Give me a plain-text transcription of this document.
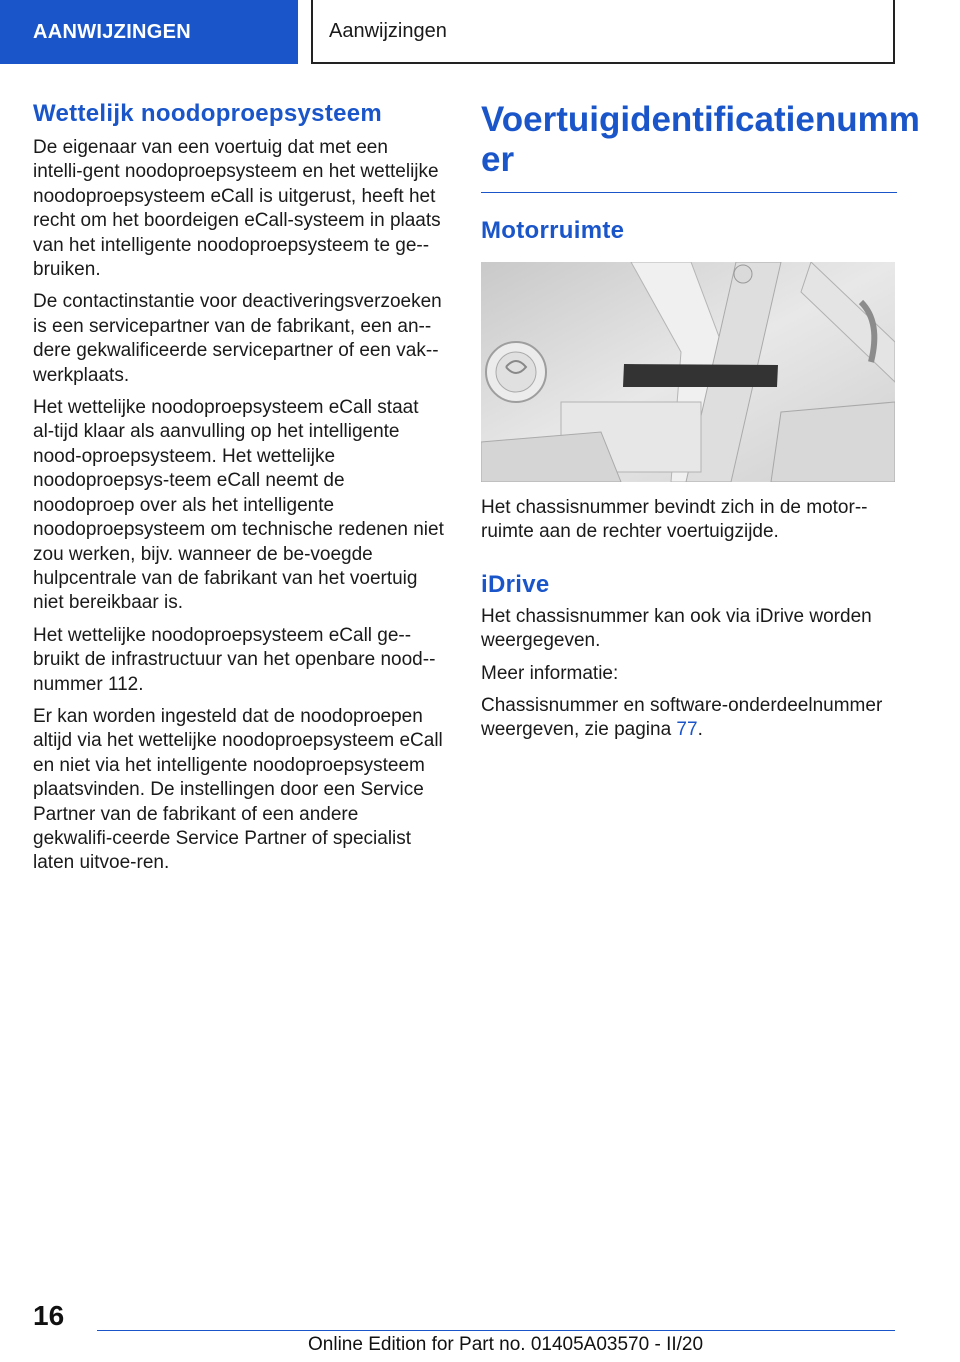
AANWIJZINGEN	Aanwijzingen
Wettelijk noodoproepsysteem

De eigenaar van een voertuig dat met een intelli-gent noodoproepsysteem en het wettelijke noodoproepsysteem eCall is uitgerust, heeft het recht om het boordeigen eCall-systeem in plaats van het intelligente noodoproepsysteem te ge-bruiken.

De contactinstantie voor deactiveringsverzoeken is een servicepartner van de fabrikant, een an-dere gekwalificeerde servicepartner of een vak-werkplaats.

Het wettelijke noodoproepsysteem eCall staat al-tijd klaar als aanvulling op het intelligente nood-oproepsysteem. Het wettelijke noodoproepsys-teem eCall neemt de noodoproep over als het intelligente noodoproepsysteem om technische redenen niet zou werken, bijv. wanneer de be-voegde hulpcentrale van de fabrikant van het voertuig niet bereikbaar is.

Het wettelijke noodoproepsysteem eCall ge-bruikt de infrastructuur van het openbare nood-nummer 112.

Er kan worden ingesteld dat de noodoproepen altijd via het wettelijke noodoproepsysteem eCall en niet via het intelligente noodoproepsysteem plaatsvinden. De instellingen door een Service Partner van de fabrikant of een andere gekwalifi-ceerde Service Partner of specialist laten uitvoe-ren.

Voertuigidentificatienumm er
Motorruimte

Het chassisnummer bevindt zich in de motor-ruimte aan de rechter voertuigzijde.

iDrive

Het chassisnummer kan ook via iDrive worden weergegeven.

Meer informatie:

Chassisnummer en software-onderdeelnummer weergeven, zie pagina 77.

16
Online Edition for Part no. 01405A03570 - II/20
